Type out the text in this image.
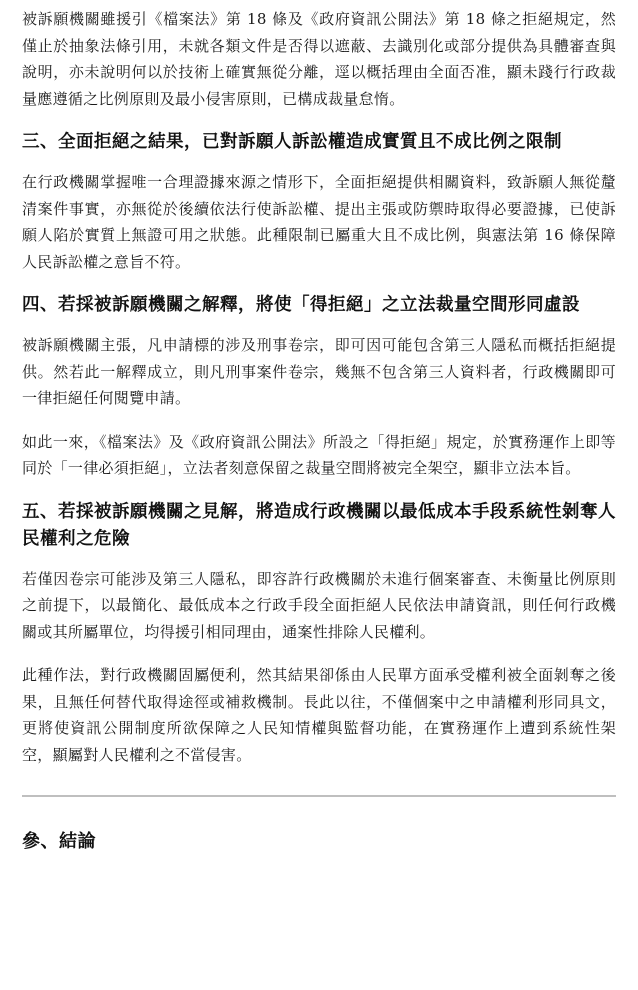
被訴願機關雖援引《檔案法》第 18 條及《政府資訊公開法》第 18 條之拒絕規定，然僅止於抽象法條引用，未就各類文件是否得以遮蔽、去識別化或部分提供為具體審查與說明，亦未說明何以於技術上確實無從分離，逕以概括理由全面否准，顯未踐行行政裁量應遵循之比例原則及最小侵害原則，已構成裁量怠惰。

三、全面拒絕之結果，已對訴願人訴訟權造成實質且不成比例之限制

在行政機關掌握唯一合理證據來源之情形下，全面拒絕提供相關資料，致訴願人無從釐清案件事實，亦無從於後續依法行使訴訟權、提出主張或防禦時取得必要證據，已使訴願人陷於實質上無證可用之狀態。此種限制已屬重大且不成比例，與憲法第 16 條保障人民訴訟權之意旨不符。

四、若採被訴願機關之解釋，將使「得拒絕」之立法裁量空間形同虛設

被訴願機關主張，凡申請標的涉及刑事卷宗，即可因可能包含第三人隱私而概括拒絕提供。然若此一解釋成立，則凡刑事案件卷宗，幾無不包含第三人資料者，行政機關即可一律拒絕任何閱覽申請。

如此一來，《檔案法》及《政府資訊公開法》所設之「得拒絕」規定，於實務運作上即等同於「一律必須拒絕」，立法者刻意保留之裁量空間將被完全架空，顯非立法本旨。

五、若採被訴願機關之見解，將造成行政機關以最低成本手段系統性剝奪人民權利之危險

若僅因卷宗可能涉及第三人隱私，即容許行政機關於未進行個案審查、未衡量比例原則之前提下，以最簡化、最低成本之行政手段全面拒絕人民依法申請資訊，則任何行政機關或其所屬單位，均得援引相同理由，通案性排除人民權利。

此種作法，對行政機關固屬便利，然其結果卻係由人民單方面承受權利被全面剝奪之後果，且無任何替代取得途徑或補救機制。長此以往，不僅個案中之申請權利形同具文，更將使資訊公開制度所欲保障之人民知情權與監督功能，在實務運作上遭到系統性架空，顯屬對人民權利之不當侵害。

參、結論
